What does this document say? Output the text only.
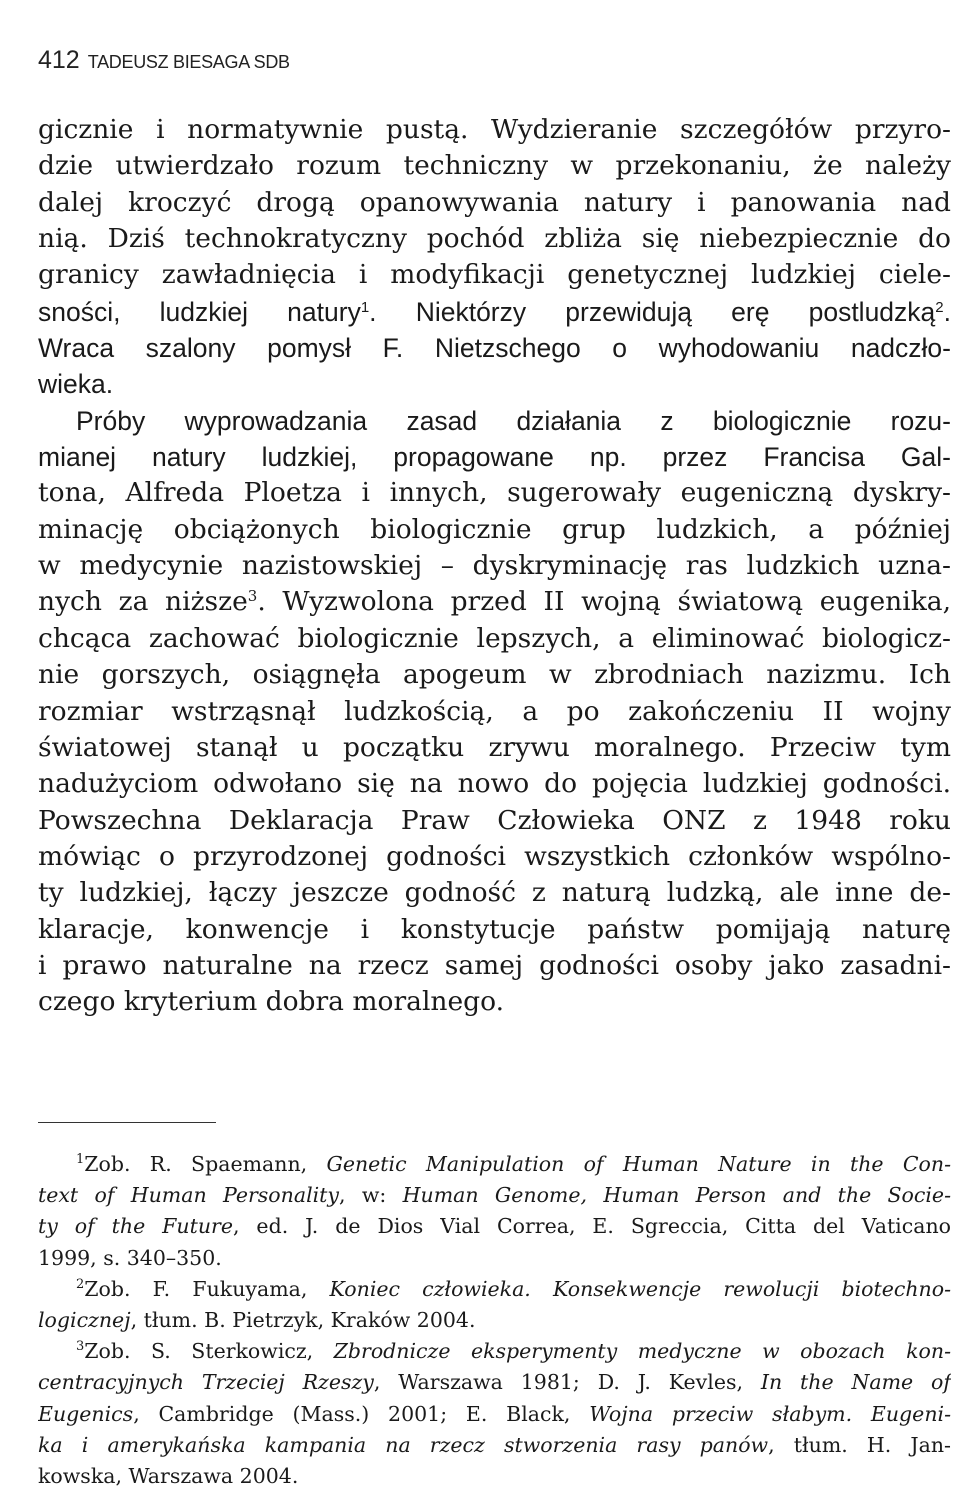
412 TADEUSZ BIESAGA SDB
gicznie i normatywnie pustą. Wydzieranie szczegółów przyro-
dzie utwierdzało rozum techniczny w przekonaniu, że należy
dalej kroczyć drogą opanowywania natury i panowania nad
nią. Dziś technokratyczny pochód zbliża się niebezpiecznie do
granicy zawładnięcia i modyfikacji genetycznej ludzkiej ciele-
sności, ludzkiej natury$^1$. Niektórzy przewidują erę postludzką$^2$.
Wraca szalony pomysł F. Nietzschego o wyhodowaniu nadczło-
wieka.
Próby wyprowadzania zasad działania z biologicznie rozu-
mianej natury ludzkiej, propagowane np. przez Francisa Gal-
tona, Alfreda Ploetza i innych, sugerowały eugeniczną dyskry-
minację obciążonych biologicznie grup ludzkich, a później
w medycynie nazistowskiej – dyskryminację ras ludzkich uzna-
nych za niższe$^3$. Wyzwolona przed II wojną światową eugenika,
chcąca zachować biologicznie lepszych, a eliminować biologicz-
nie gorszych, osiągnęła apogeum w zbrodniach nazizmu. Ich
rozmiar wstrząsnął ludzkością, a po zakończeniu II wojny
światowej stanął u początku zrywu moralnego. Przeciw tym
nadużyciom odwołano się na nowo do pojęcia ludzkiej godności.
Powszechna Deklaracja Praw Człowieka ONZ z 1948 roku
mówiąc o przyrodzonej godności wszystkich członków wspólno-
ty ludzkiej, łączy jeszcze godność z naturą ludzką, ale inne de-
klaracje, konwencje i konstytucje państw pomijają naturę
i prawo naturalne na rzecz samej godności osoby jako zasadni-
czego kryterium dobra moralnego.
$^1$Zob. R. Spaemann, Genetic Manipulation of Human Nature in the Con-
text of Human Personality, w: Human Genome, Human Person and the Socie-
ty of the Future, ed. J. de Dios Vial Correa, E. Sgreccia, Citta del Vaticano
1999, s. 340–350.
$^2$Zob. F. Fukuyama, Koniec człowieka. Konsekwencje rewolucji biotechno-
logicznej, tłum. B. Pietrzyk, Kraków 2004.
$^3$Zob. S. Sterkowicz, Zbrodnicze eksperymenty medyczne w obozach kon-
centracyjnych Trzeciej Rzeszy, Warszawa 1981; D. J. Kevles, In the Name of
Eugenics, Cambridge (Mass.) 2001; E. Black, Wojna przeciw słabym. Eugeni-
ka i amerykańska kampania na rzecz stworzenia rasy panów, tłum. H. Jan-
kowska, Warszawa 2004.
